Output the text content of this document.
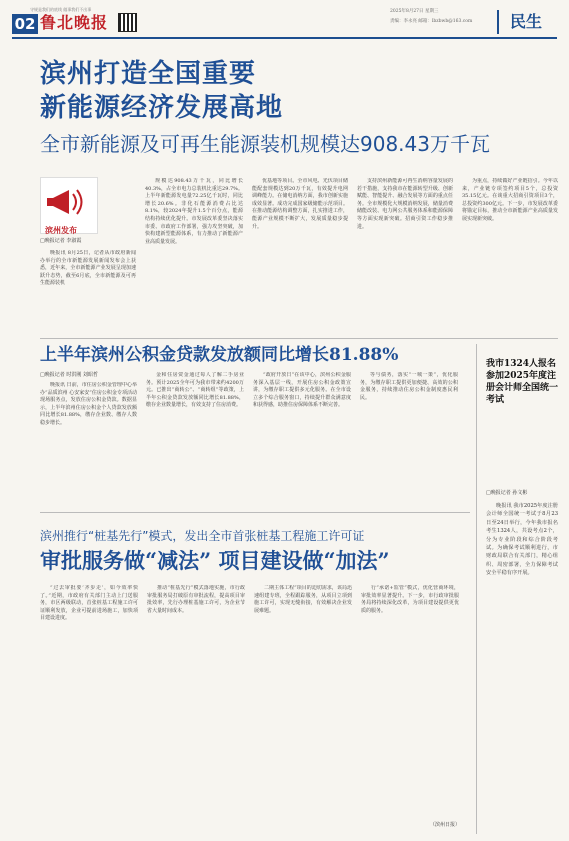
守规是我们的底线 做事我们不出事
02 鲁北晚报
2025年8月27日 星期三
责编：李永亮 邮箱：lbzbwb@163.com	民生
滨州打造全国重要
新能源经济发展高地
全市新能源及可再生能源装机规模达908.43万千瓦
滨州发布
□晚报记者 李淑霞

晚报讯 8月25日，记者从市政府新闻办举行的全市新能源发展新闻发布会上获悉，近年来，全市新能源产业发展呈现加速跃升态势，截至6月底，全市新能源及可再生能源装机

规模达908.43万千瓦，同比增长40.3%，占全市电力总装机比重达29.7%。上半年新能源发电量72.25亿千瓦时，同比增长20.6%。非化石能源消费占比达8.1%，较2024年提升1.5个百分点，能源结构持续优化提升。市发展改革委坚决落实市委、市政府工作部署，强力攻坚突破，加快构建新型能源体系，有力推动了新能源产业高质量发展。

优基地等项目。全市风电、光伏项目储能配套规模达到20万千瓦，有效提升电网调峰能力。在储电消纳方面，我市创新实施成效显著。成功完成国家级储能示范项目。在推动能源结构调整方面，扎实推进工作，能源产业规模不断扩大，发展质量稳步提升。

支持滨州新能源可再生消纳容量发展的若干措施，支持我市在能源转型升级、创新赋能、智能提升、融合发展等方面的重点任务。全市规模化大规模消纳发展，储量消费储能改装、电力网公共服务体系和能源保障等方面实现新突破。招商引资工作稳步推进。

为重点，持续做好产业链招引。今年以来，产业链专项签约项目5个，总投资35.15亿元。在谈重大招商引资项目3个，总投资约300亿元。下一步，市发展改革委将锚定目标，推动全市新能源产业高质量发展实现新突破。

上半年滨州公积金贷款发放额同比增长81.88%
□晚报记者 时洪刚 刘昭哲

晚报讯 日前，市住房公积金管理中心举办“品质滨州 心安家安”住房公积金专项活动现场服务点，发放住房公积金贷款。数据显示，上半年滨州住房公积金个人贷款发放额同比增长81.88%，缴存企业数、缴存人数稳步增长。

金和住房资金通过每人了解二手房业务。预计2025全年可为我市带来约4200万元。已推出“商转公”、“商转组”等政策，上半年公积金贷款发放额同比增长81.88%，缴存企业数量增长，有效支持了住房消费。

“政府开放日”在该中心，滨州公积金服务深入基层一线，开展住房公积金政策宣讲，为缴存职工提供多元化服务。在全市设立多个综合服务窗口，持续提升群众满意度和获得感，助推住房保障体系不断完善。

等与债务，落实“一城一策”，优化服务，为缴存职工提供更加便捷、高效的公积金服务，持续推动住房公积金制度惠民利民。

我市1324人报名参加2025年度注册会计师全国统一考试
□晚报记者 孙文彬

晚报讯 我市2025年度注册会计师全国统一考试于8月23日至24日举行，今年我市报名考生1324人，共设考点2个，分为专业阶段和综合阶段考试。为确保考试顺利进行，市财政局联合有关部门，精心组织、周密部署，全力保障考试安全平稳有序开展。

滨州推行“桩基先行”模式，发出全市首张桩基工程施工许可证
审批服务做“减法” 项目建设做“加法”

“过去审批要‘齐步走’，如今效率快了。”近期，市政府有关部门主动上门送服务，市区两级联动，首张桩基工程施工许可证顺利发放，企业可提前进场施工，加快项目建设进度。

推动“桩基先行”模式落地实施，市行政审批服务局打破原有审批流程，提高项目审批效率，先行办理桩基施工许可，为企业节省大量时间成本。

二期主体工程”项目的迫切需求，该局迅速组建专班，全程跟踪服务，从项目立项到施工许可，实现无缝衔接，有效解决企业发展难题。

行“承诺+监管”模式，优化营商环境，审批效率显著提升。下一步，市行政审批服务局将持续深化改革，为项目建设提供更优质的服务。

（滨州日报）
